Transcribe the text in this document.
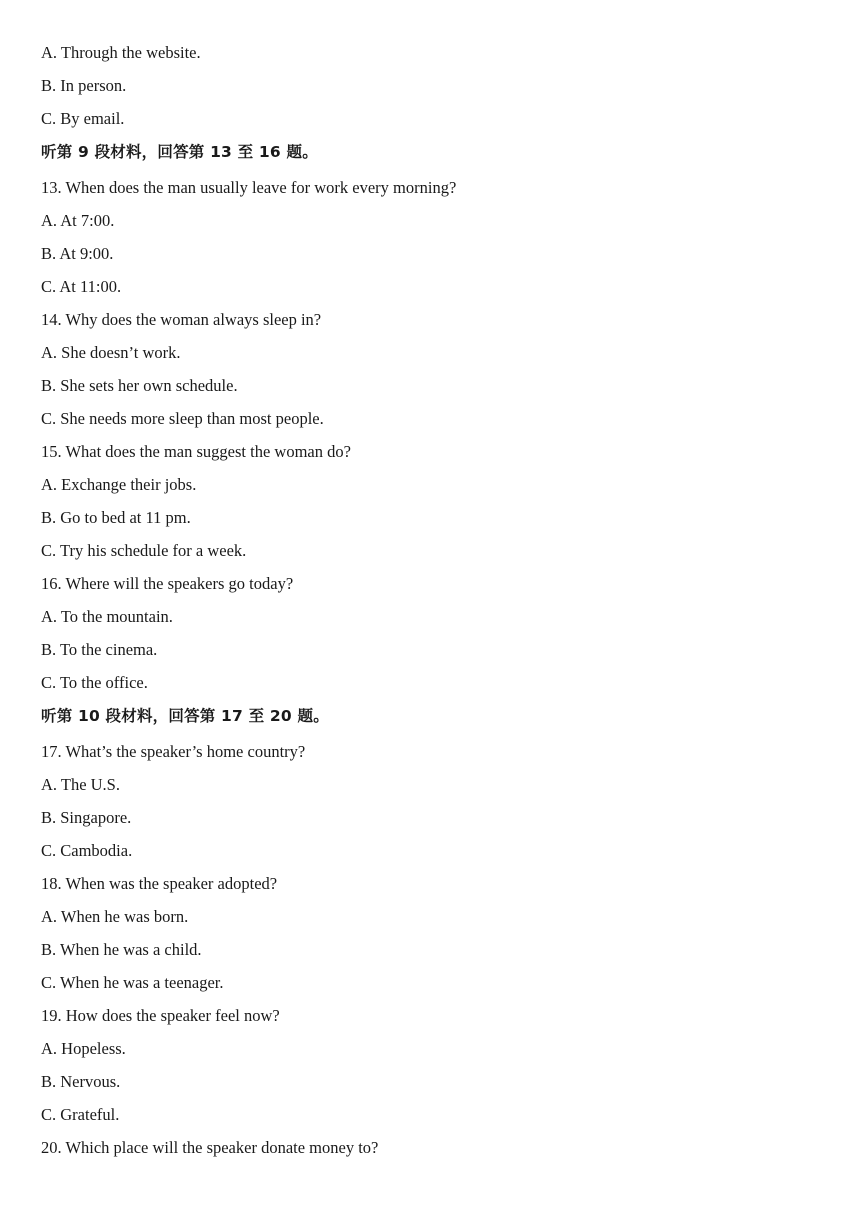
A. Through the website.
B. In person.
C. By email.
听第 9 段材料，回答第 13 至 16 题。
13. When does the man usually leave for work every morning?
A. At 7:00.
B. At 9:00.
C. At 11:00.
14. Why does the woman always sleep in?
A. She doesn’t work.
B. She sets her own schedule.
C. She needs more sleep than most people.
15. What does the man suggest the woman do?
A. Exchange their jobs.
B. Go to bed at 11 pm.
C. Try his schedule for a week.
16. Where will the speakers go today?
A. To the mountain.
B. To the cinema.
C. To the office.
听第 10 段材料，回答第 17 至 20 题。
17. What’s the speaker’s home country?
A. The U.S.
B. Singapore.
C. Cambodia.
18. When was the speaker adopted?
A. When he was born.
B. When he was a child.
C. When he was a teenager.
19. How does the speaker feel now?
A. Hopeless.
B. Nervous.
C. Grateful.
20. Which place will the speaker donate money to?
